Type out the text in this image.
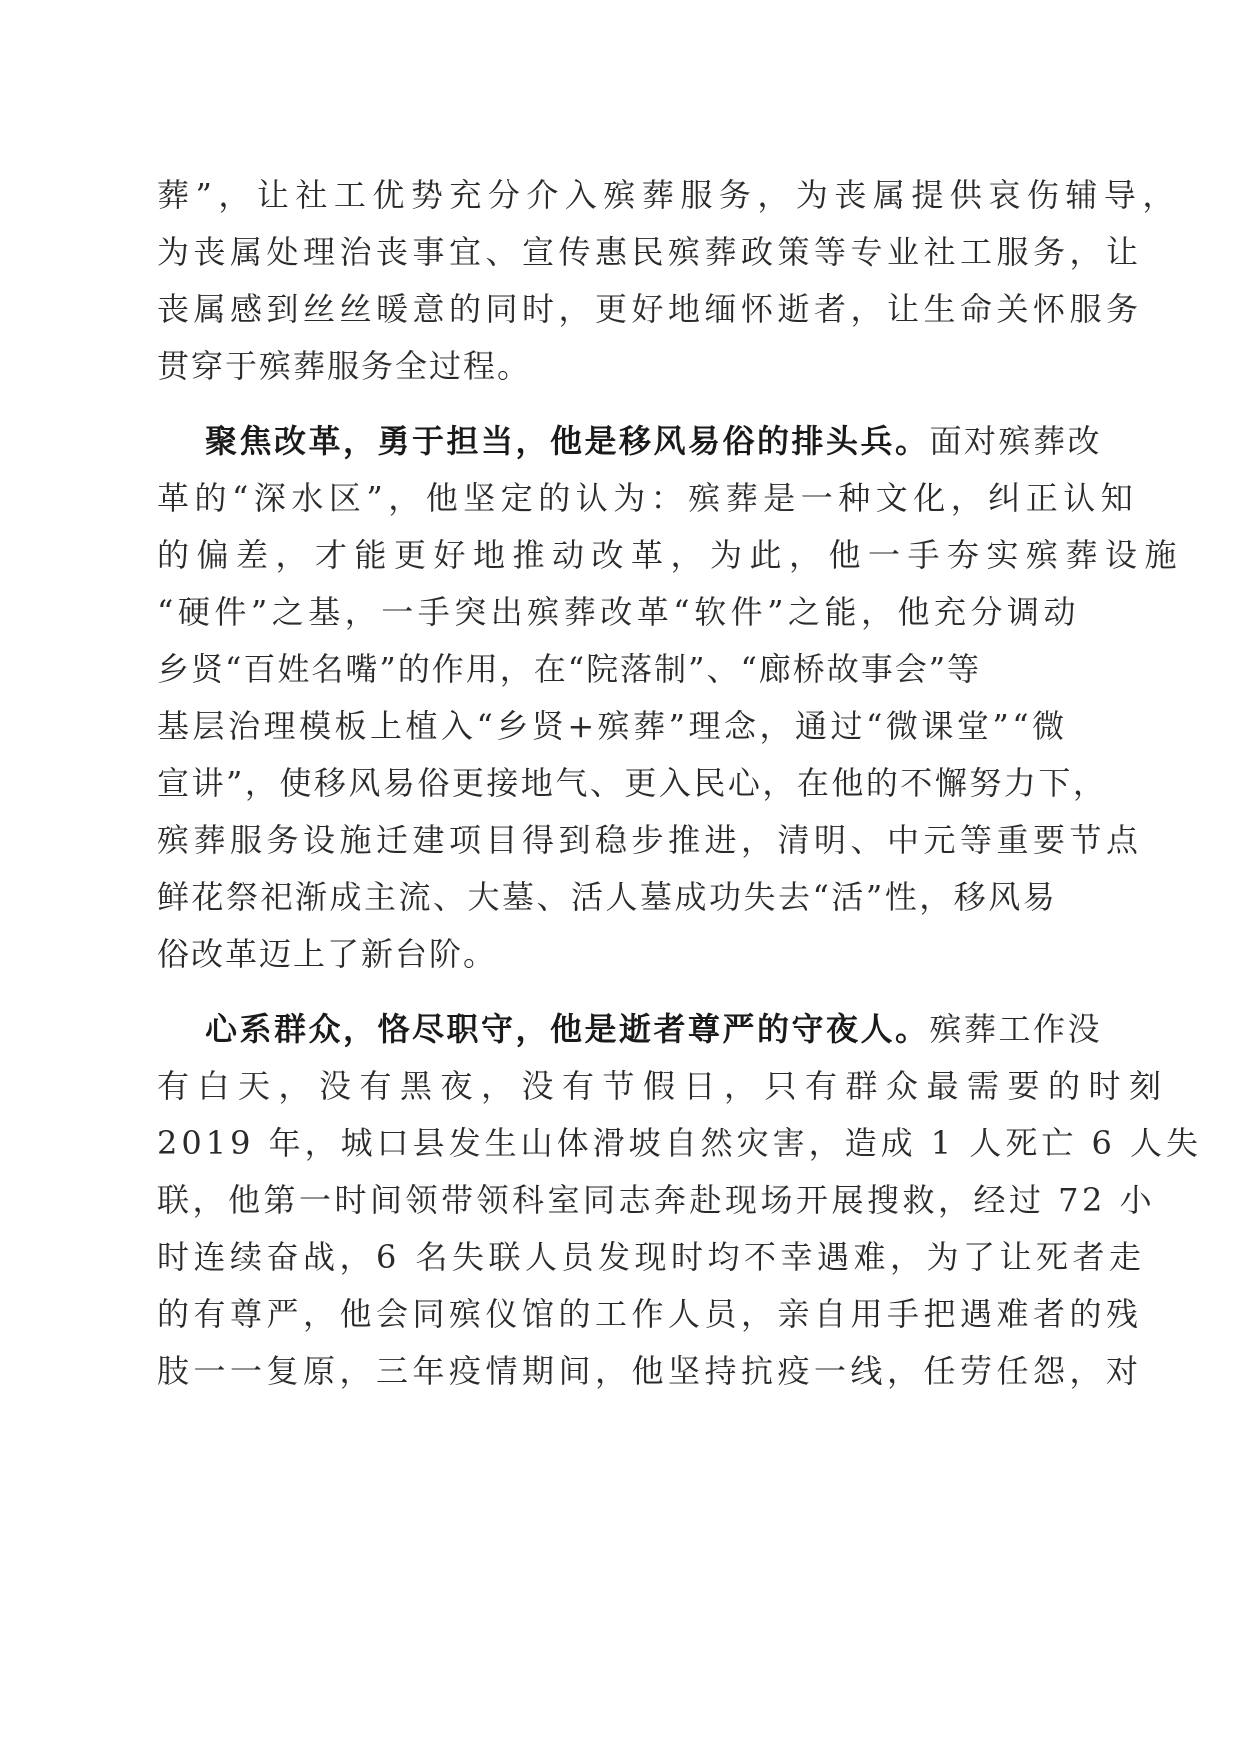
葬”，让社工优势充分介入殡葬服务，为丧属提供哀伤辅导，
为丧属处理治丧事宜、宣传惠民殡葬政策等专业社工服务，让
丧属感到丝丝暖意的同时，更好地缅怀逝者，让生命关怀服务
贯穿于殡葬服务全过程。
聚焦改革，勇于担当，他是移风易俗的排头兵。面对殡葬改
革的“深水区”，他坚定的认为：殡葬是一种文化，纠正认知
的偏差，才能更好地推动改革，为此，他一手夯实殡葬设施
“硬件”之基，一手突出殡葬改革“软件”之能，他充分调动
乡贤“百姓名嘴”的作用，在“院落制”、“廊桥故事会”等
基层治理模板上植入“乡贤+殡葬”理念，通过“微课堂”“微
宣讲”，使移风易俗更接地气、更入民心，在他的不懈努力下，
殡葬服务设施迁建项目得到稳步推进，清明、中元等重要节点
鲜花祭祀渐成主流、大墓、活人墓成功失去“活”性，移风易
俗改革迈上了新台阶。
心系群众，恪尽职守，他是逝者尊严的守夜人。殡葬工作没
有白天，没有黑夜，没有节假日，只有群众最需要的时刻
2019 年，城口县发生山体滑坡自然灾害，造成 1 人死亡 6 人失
联，他第一时间领带领科室同志奔赴现场开展搜救，经过 72 小
时连续奋战，6 名失联人员发现时均不幸遇难，为了让死者走
的有尊严，他会同殡仪馆的工作人员，亲自用手把遇难者的残
肢一一复原，三年疫情期间，他坚持抗疫一线，任劳任怨，对
